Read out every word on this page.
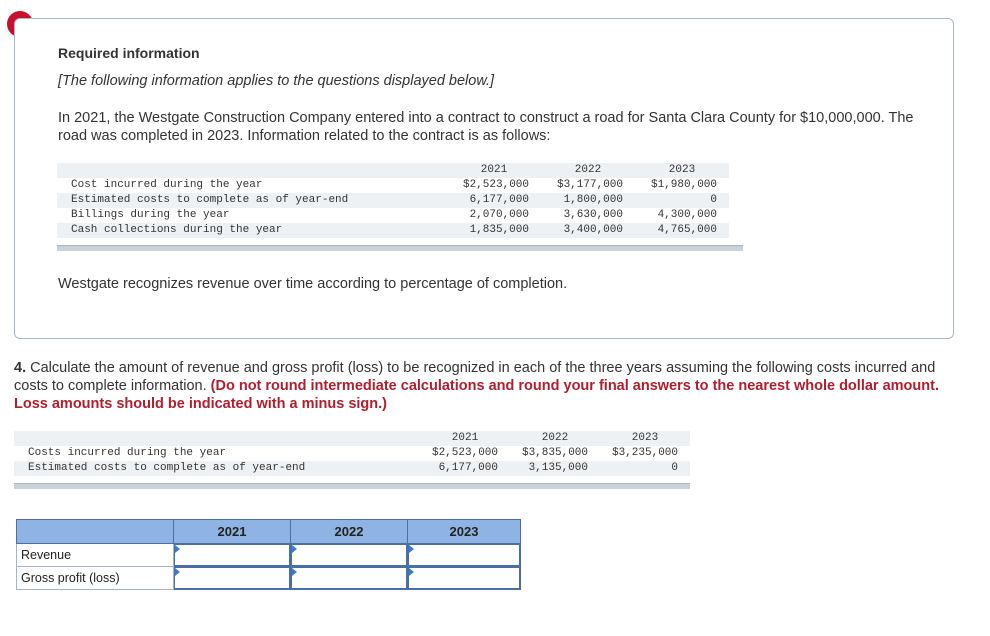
Required information
[The following information applies to the questions displayed below.]
In 2021, the Westgate Construction Company entered into a contract to construct a road for Santa Clara County for $10,000,000. The road was completed in 2023. Information related to the contract is as follows:
	2021	2022	2023
Cost incurred during the year	$2,523,000	$3,177,000	$1,980,000
Estimated costs to complete as of year-end	6,177,000	1,800,000	0
Billings during the year	2,070,000	3,630,000	4,300,000
Cash collections during the year	1,835,000	3,400,000	4,765,000
Westgate recognizes revenue over time according to percentage of completion.
4. Calculate the amount of revenue and gross profit (loss) to be recognized in each of the three years assuming the following costs incurred and costs to complete information. (Do not round intermediate calculations and round your final answers to the nearest whole dollar amount. Loss amounts should be indicated with a minus sign.)
	2021	2022	2023
Costs incurred during the year	$2,523,000	$3,835,000	$3,235,000
Estimated costs to complete as of year-end	6,177,000	3,135,000	0
	2021	2022	2023
Revenue	

Gross profit (loss)	
